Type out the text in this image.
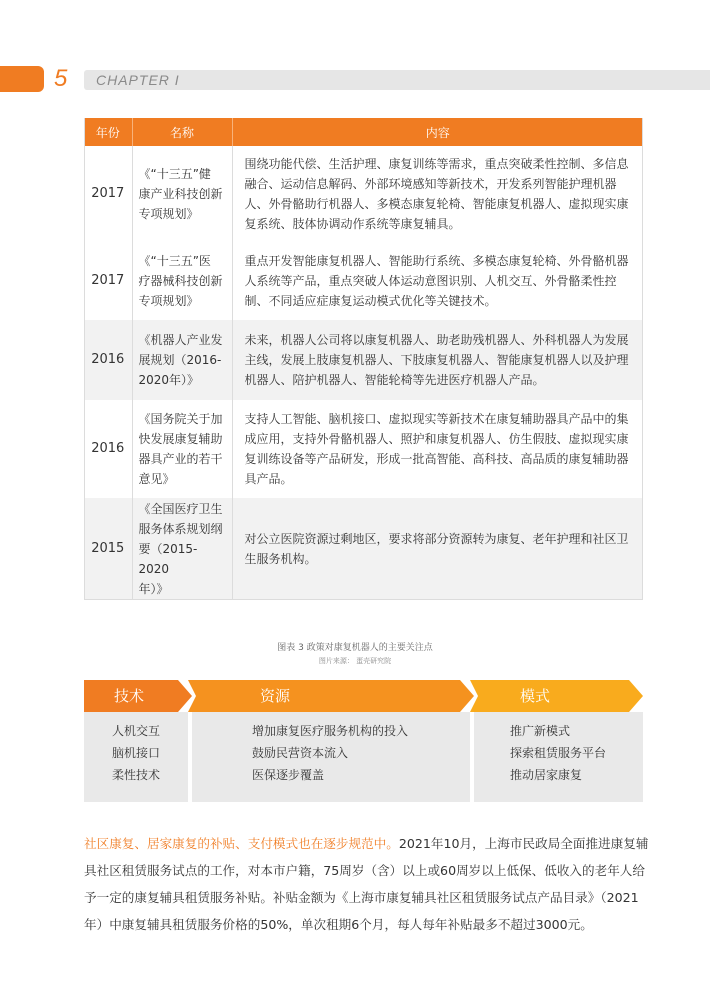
5 CHAPTER I
年份	名称	内容
2017	《“十三五”健
康产业科技创新
专项规划》	围绕功能代偿、生活护理、康复训练等需求，重点突破柔性控制、多信息
融合、运动信息解码、外部环境感知等新技术，开发系列智能护理机器
人、外骨骼助行机器人、多模态康复轮椅、智能康复机器人、虚拟现实康
复系统、肢体协调动作系统等康复辅具。
2017	《“十三五”医
疗器械科技创新
专项规划》	重点开发智能康复机器人、智能助行系统、多模态康复轮椅、外骨骼机器
人系统等产品，重点突破人体运动意图识别、人机交互、外骨骼柔性控
制、不同适应症康复运动模式优化等关键技术。
2016	《机器人产业发
展规划（2016-
2020年）》	未来，机器人公司将以康复机器人、助老助残机器人、外科机器人为发展
主线，发展上肢康复机器人、下肢康复机器人、智能康复机器人以及护理
机器人、陪护机器人、智能轮椅等先进医疗机器人产品。
2016	《国务院关于加
快发展康复辅助
器具产业的若干
意见》	支持人工智能、脑机接口、虚拟现实等新技术在康复辅助器具产品中的集
成应用，支持外骨骼机器人、照护和康复机器人、仿生假肢、虚拟现实康
复训练设备等产品研发，形成一批高智能、高科技、高品质的康复辅助器
具产品。
2015	《全国医疗卫生
服务体系规划纲
要（2015-2020
年）》	对公立医院资源过剩地区，要求将部分资源转为康复、老年护理和社区卫
生服务机构。
图表 3 政策对康复机器人的主要关注点
图片来源： 蛋壳研究院
技术	资源	模式
人机交互
脑机接口
柔性技术
增加康复医疗服务机构的投入
鼓励民营资本流入
医保逐步覆盖
推广新模式
探索租赁服务平台
推动居家康复
社区康复、居家康复的补贴、支付模式也在逐步规范中。2021年10月，上海市民政局全面推进康复辅
具社区租赁服务试点的工作，对本市户籍，75周岁（含）以上或60周岁以上低保、低收入的老年人给
予一定的康复辅具租赁服务补贴。补贴金额为《上海市康复辅具社区租赁服务试点产品目录》（2021
年）中康复辅具租赁服务价格的50%，单次租期6个月，每人每年补贴最多不超过3000元。
